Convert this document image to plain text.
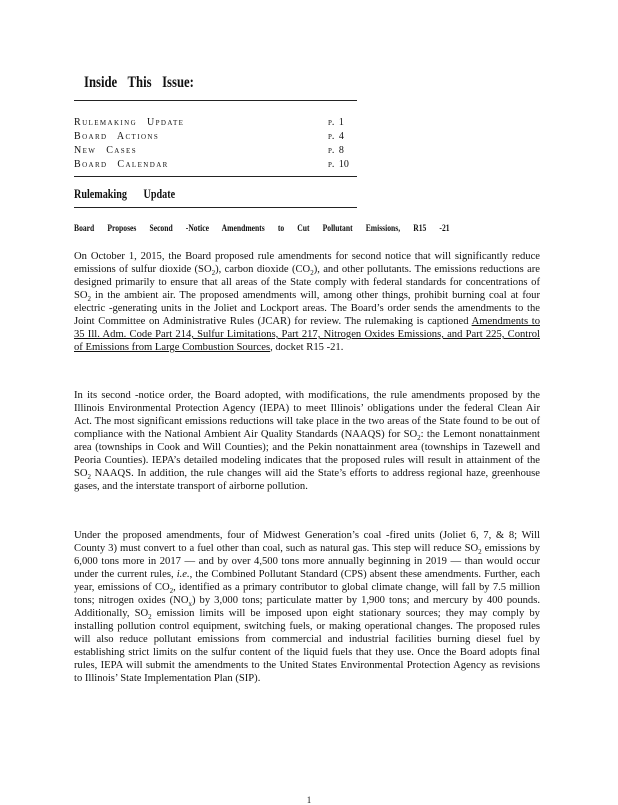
Inside This Issue:
Rulemaking Update	p. 1
Board Actions	p. 4
New Cases	p. 8
Board Calendar	p. 10
Rulemaking Update
Board Proposes Second -Notice Amendments to Cut Pollutant Emissions, R15 -21

On October 1, 2015, the Board proposed rule amendments for second notice that will significantly reduce emissions of sulfur dioxide $(SO_2)$, carbon dioxide $(CO_2)$, and other pollutants. The emissions reductions are designed primarily to ensure that all areas of the State comply with federal standards for concentrations of $SO_2$ in the ambient air. The proposed amendments will, among other things, prohibit burning coal at four electric -generating units in the Joliet and Lockport areas. The Board’s order sends the amendments to the Joint Committee on Administrative Rules (JCAR) for review. The rulemaking is captioned Amendments to 35 Ill. Adm. Code Part 214, Sulfur Limitations, Part 217, Nitrogen Oxides Emissions, and Part 225, Control of Emissions from Large Combustion Sources, docket R15 -21.

In its second -notice order, the Board adopted, with modifications, the rule amendments proposed by the Illinois Environmental Protection Agency (IEPA) to meet Illinois’ obligations under the federal Clean Air Act. The most significant emissions reductions will take place in the two areas of the State found to be out of compliance with the National Ambient Air Quality Standards (NAAQS) for $SO_2$: the Lemont nonattainment area (townships in Cook and Will Counties); and the Pekin nonattainment area (townships in Tazewell and Peoria Counties). IEPA’s detailed modeling indicates that the proposed rules will result in attainment of the $SO_2$ NAAQS. In addition, the rule changes will aid the State’s efforts to address regional haze, greenhouse gases, and the interstate transport of airborne pollution.

Under the proposed amendments, four of Midwest Generation’s coal -fired units (Joliet 6, 7, & 8; Will County 3) must convert to a fuel other than coal, such as natural gas. This step will reduce $SO_2$ emissions by 6,000 tons more in 2017 — and by over 4,500 tons more annually beginning in 2019 — than would occur under the current rules, i.e., the Combined Pollutant Standard (CPS) absent these amendments. Further, each year, emissions of $CO_2$, identified as a primary contributor to global climate change, will fall by 7.5 million tons; nitrogen oxides $(NO_x)$ by 3,000 tons; particulate matter by 1,900 tons; and mercury by 400 pounds. Additionally, $SO_2$ emission limits will be imposed upon eight stationary sources; they may comply by installing pollution control equipment, switching fuels, or making operational changes. The proposed rules will also reduce pollutant emissions from commercial and industrial facilities burning diesel fuel by establishing strict limits on the sulfur content of the liquid fuels that they use. Once the Board adopts final rules, IEPA will submit the amendments to the United States Environmental Protection Agency as revisions to Illinois’ State Implementation Plan (SIP).

1
